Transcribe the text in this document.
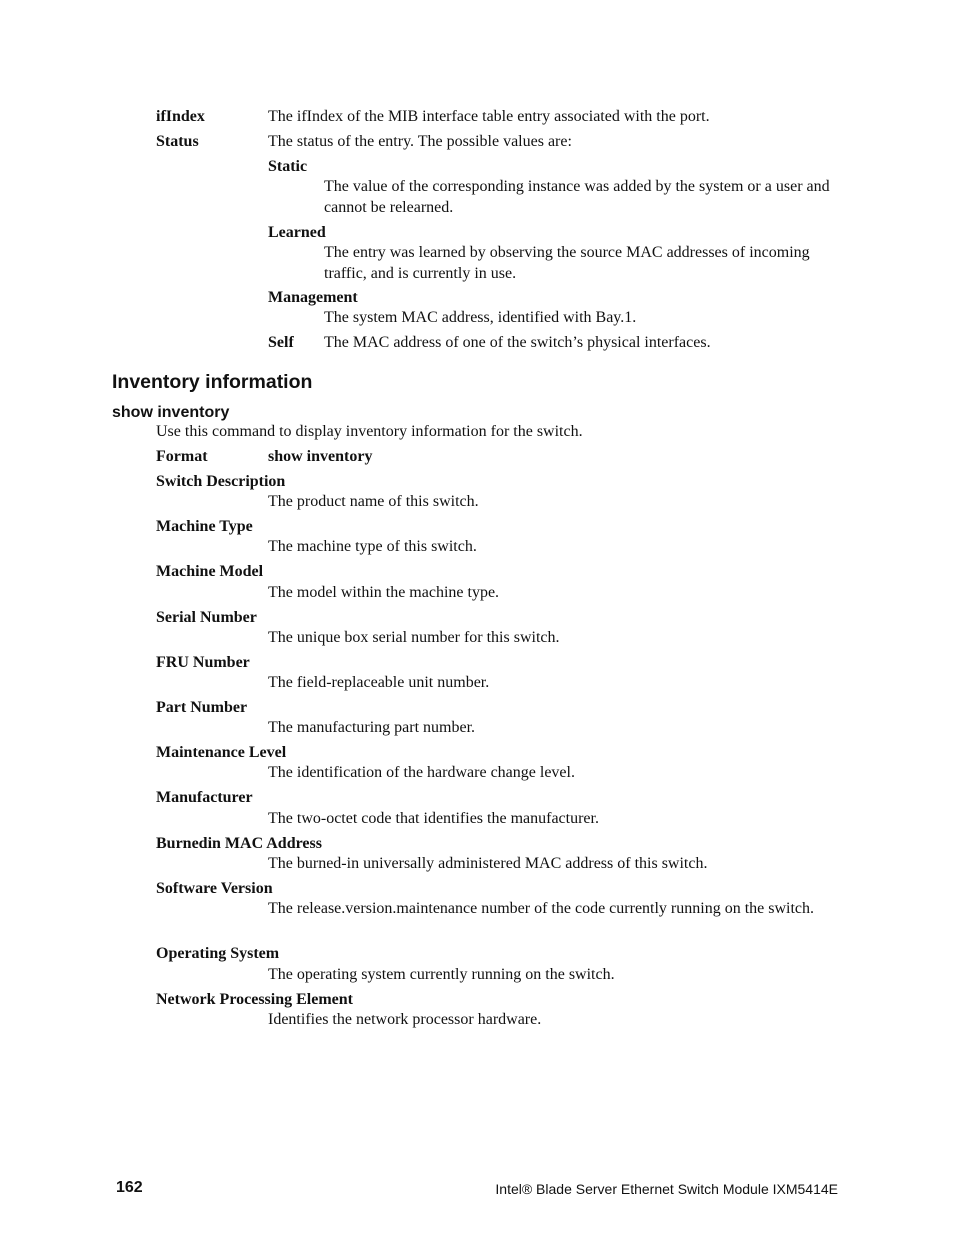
ifIndex	The ifIndex of the MIB interface table entry associated with the port.
Status	The status of the entry. The possible values are:
Static
The value of the corresponding instance was added by the system or a user and cannot be relearned.
Learned
The entry was learned by observing the source MAC addresses of incoming traffic, and is currently in use.
Management
The system MAC address, identified with Bay.1.
Self The MAC address of one of the switch’s physical interfaces.
Inventory information
show inventory
Use this command to display inventory information for the switch.
Format	show inventory
Switch Description
The product name of this switch.
Machine Type
The machine type of this switch.
Machine Model
The model within the machine type.
Serial Number
The unique box serial number for this switch.
FRU Number
The field-replaceable unit number.
Part Number
The manufacturing part number.
Maintenance Level
The identification of the hardware change level.
Manufacturer
The two-octet code that identifies the manufacturer.
Burnedin MAC Address
The burned-in universally administered MAC address of this switch.
Software Version
The release.version.maintenance number of the code currently running on the switch.
Operating System
The operating system currently running on the switch.
Network Processing Element
Identifies the network processor hardware.
162	Intel® Blade Server Ethernet Switch Module IXM5414E
